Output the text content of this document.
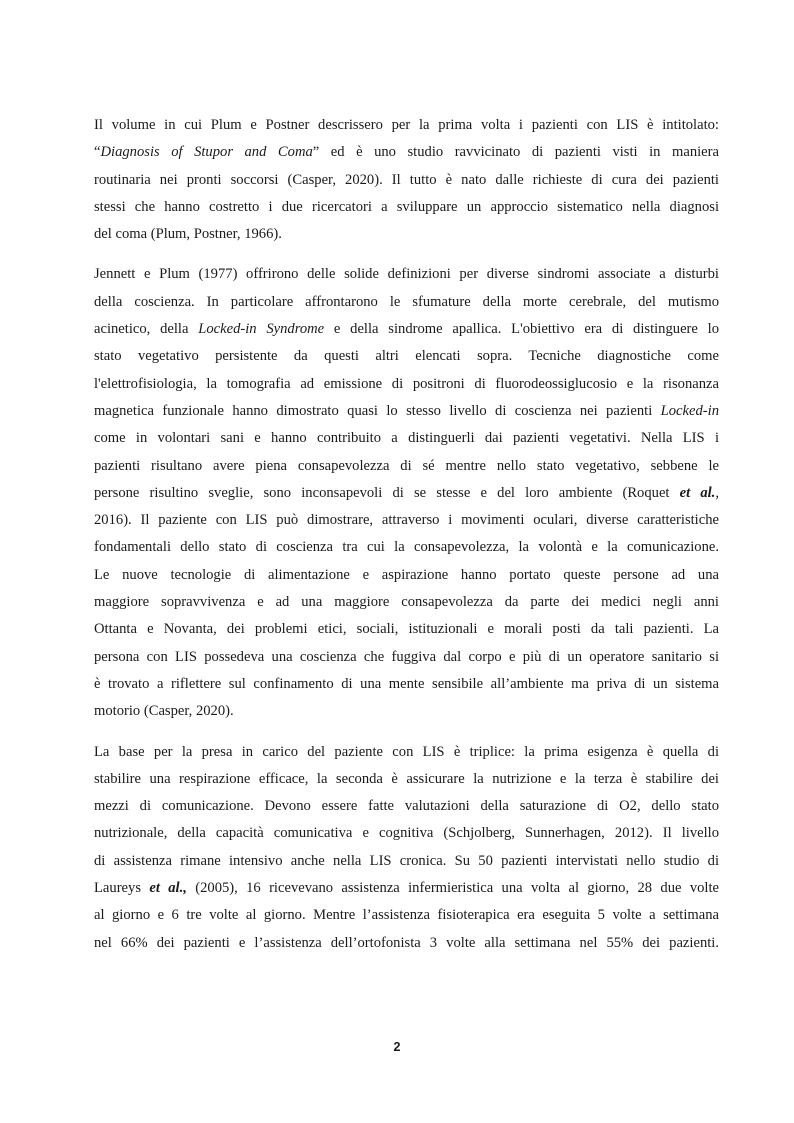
Il volume in cui Plum e Postner descrissero per la prima volta i pazienti con LIS è intitolato:
“Diagnosis of Stupor and Coma” ed è uno studio ravvicinato di pazienti visti in maniera
routinaria nei pronti soccorsi (Casper, 2020). Il tutto è nato dalle richieste di cura dei pazienti
stessi che hanno costretto i due ricercatori a sviluppare un approccio sistematico nella diagnosi
del coma (Plum, Postner, 1966).
Jennett e Plum (1977) offrirono delle solide definizioni per diverse sindromi associate a disturbi
della coscienza. In particolare affrontarono le sfumature della morte cerebrale, del mutismo
acinetico, della Locked-in Syndrome e della sindrome apallica. L'obiettivo era di distinguere lo
stato vegetativo persistente da questi altri elencati sopra. Tecniche diagnostiche come
l'elettrofisiologia, la tomografia ad emissione di positroni di fluorodeossiglucosio e la risonanza
magnetica funzionale hanno dimostrato quasi lo stesso livello di coscienza nei pazienti Locked-in
come in volontari sani e hanno contribuito a distinguerli dai pazienti vegetativi. Nella LIS i
pazienti risultano avere piena consapevolezza di sé mentre nello stato vegetativo, sebbene le
persone risultino sveglie, sono inconsapevoli di se stesse e del loro ambiente (Roquet et al.,
2016). Il paziente con LIS può dimostrare, attraverso i movimenti oculari, diverse caratteristiche
fondamentali dello stato di coscienza tra cui la consapevolezza, la volontà e la comunicazione.
Le nuove tecnologie di alimentazione e aspirazione hanno portato queste persone ad una
maggiore sopravvivenza e ad una maggiore consapevolezza da parte dei medici negli anni
Ottanta e Novanta, dei problemi etici, sociali, istituzionali e morali posti da tali pazienti. La
persona con LIS possedeva una coscienza che fuggiva dal corpo e più di un operatore sanitario si
è trovato a riflettere sul confinamento di una mente sensibile all’ambiente ma priva di un sistema
motorio (Casper, 2020).
La base per la presa in carico del paziente con LIS è triplice: la prima esigenza è quella di
stabilire una respirazione efficace, la seconda è assicurare la nutrizione e la terza è stabilire dei
mezzi di comunicazione. Devono essere fatte valutazioni della saturazione di O2, dello stato
nutrizionale, della capacità comunicativa e cognitiva (Schjolberg, Sunnerhagen, 2012). Il livello
di assistenza rimane intensivo anche nella LIS cronica. Su 50 pazienti intervistati nello studio di
Laureys et al., (2005), 16 ricevevano assistenza infermieristica una volta al giorno, 28 due volte
al giorno e 6 tre volte al giorno. Mentre l’assistenza fisioterapica era eseguita 5 volte a settimana
nel 66% dei pazienti e l’assistenza dell’ortofonista 3 volte alla settimana nel 55% dei pazienti.
2
